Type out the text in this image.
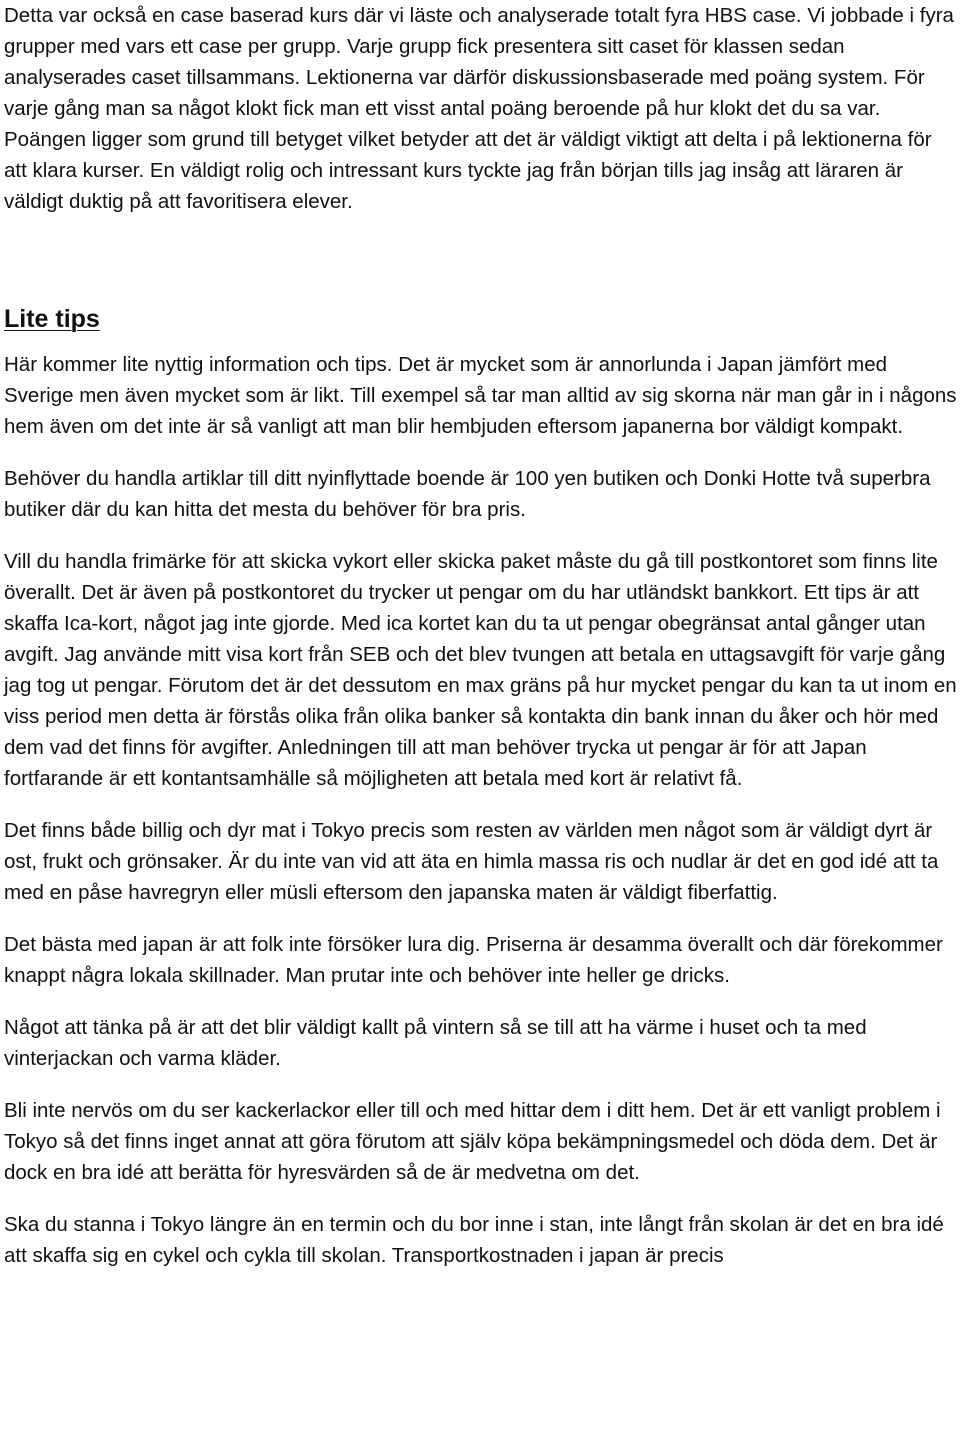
Detta var också en case baserad kurs där vi läste och analyserade totalt fyra HBS case. Vi jobbade i fyra grupper med vars ett case per grupp. Varje grupp fick presentera sitt caset för klassen sedan analyserades caset tillsammans. Lektionerna var därför diskussionsbaserade med poäng system. För varje gång man sa något klokt fick man ett visst antal poäng beroende på hur klokt det du sa var. Poängen ligger som grund till betyget vilket betyder att det är väldigt viktigt att delta i på lektionerna för att klara kurser. En väldigt rolig och intressant kurs tyckte jag från början tills jag insåg att läraren är väldigt duktig på att favoritisera elever.

Lite tips

Här kommer lite nyttig information och tips. Det är mycket som är annorlunda i Japan jämfört med Sverige men även mycket som är likt. Till exempel så tar man alltid av sig skorna när man går in i någons hem även om det inte är så vanligt att man blir hembjuden eftersom japanerna bor väldigt kompakt.

Behöver du handla artiklar till ditt nyinflyttade boende är 100 yen butiken och Donki Hotte två superbra butiker där du kan hitta det mesta du behöver för bra pris.

Vill du handla frimärke för att skicka vykort eller skicka paket måste du gå till postkontoret som finns lite överallt. Det är även på postkontoret du trycker ut pengar om du har utländskt bankkort. Ett tips är att skaffa Ica-kort, något jag inte gjorde. Med ica kortet kan du ta ut pengar obegränsat antal gånger utan avgift. Jag använde mitt visa kort från SEB och det blev tvungen att betala en uttagsavgift för varje gång jag tog ut pengar. Förutom det är det dessutom en max gräns på hur mycket pengar du kan ta ut inom en viss period men detta är förstås olika från olika banker så kontakta din bank innan du åker och hör med dem vad det finns för avgifter. Anledningen till att man behöver trycka ut pengar är för att Japan fortfarande är ett kontantsamhälle så möjligheten att betala med kort är relativt få.

Det finns både billig och dyr mat i Tokyo precis som resten av världen men något som är väldigt dyrt är ost, frukt och grönsaker. Är du inte van vid att äta en himla massa ris och nudlar är det en god idé att ta med en påse havregryn eller müsli eftersom den japanska maten är väldigt fiberfattig.

Det bästa med japan är att folk inte försöker lura dig. Priserna är desamma överallt och där förekommer knappt några lokala skillnader. Man prutar inte och behöver inte heller ge dricks.

Något att tänka på är att det blir väldigt kallt på vintern så se till att ha värme i huset och ta med vinterjackan och varma kläder.

Bli inte nervös om du ser kackerlackor eller till och med hittar dem i ditt hem. Det är ett vanligt problem i Tokyo så det finns inget annat att göra förutom att själv köpa bekämpningsmedel och döda dem. Det är dock en bra idé att berätta för hyresvärden så de är medvetna om det.

Ska du stanna i Tokyo längre än en termin och du bor inne i stan, inte långt från skolan är det en bra idé att skaffa sig en cykel och cykla till skolan. Transportkostnaden i japan är precis
